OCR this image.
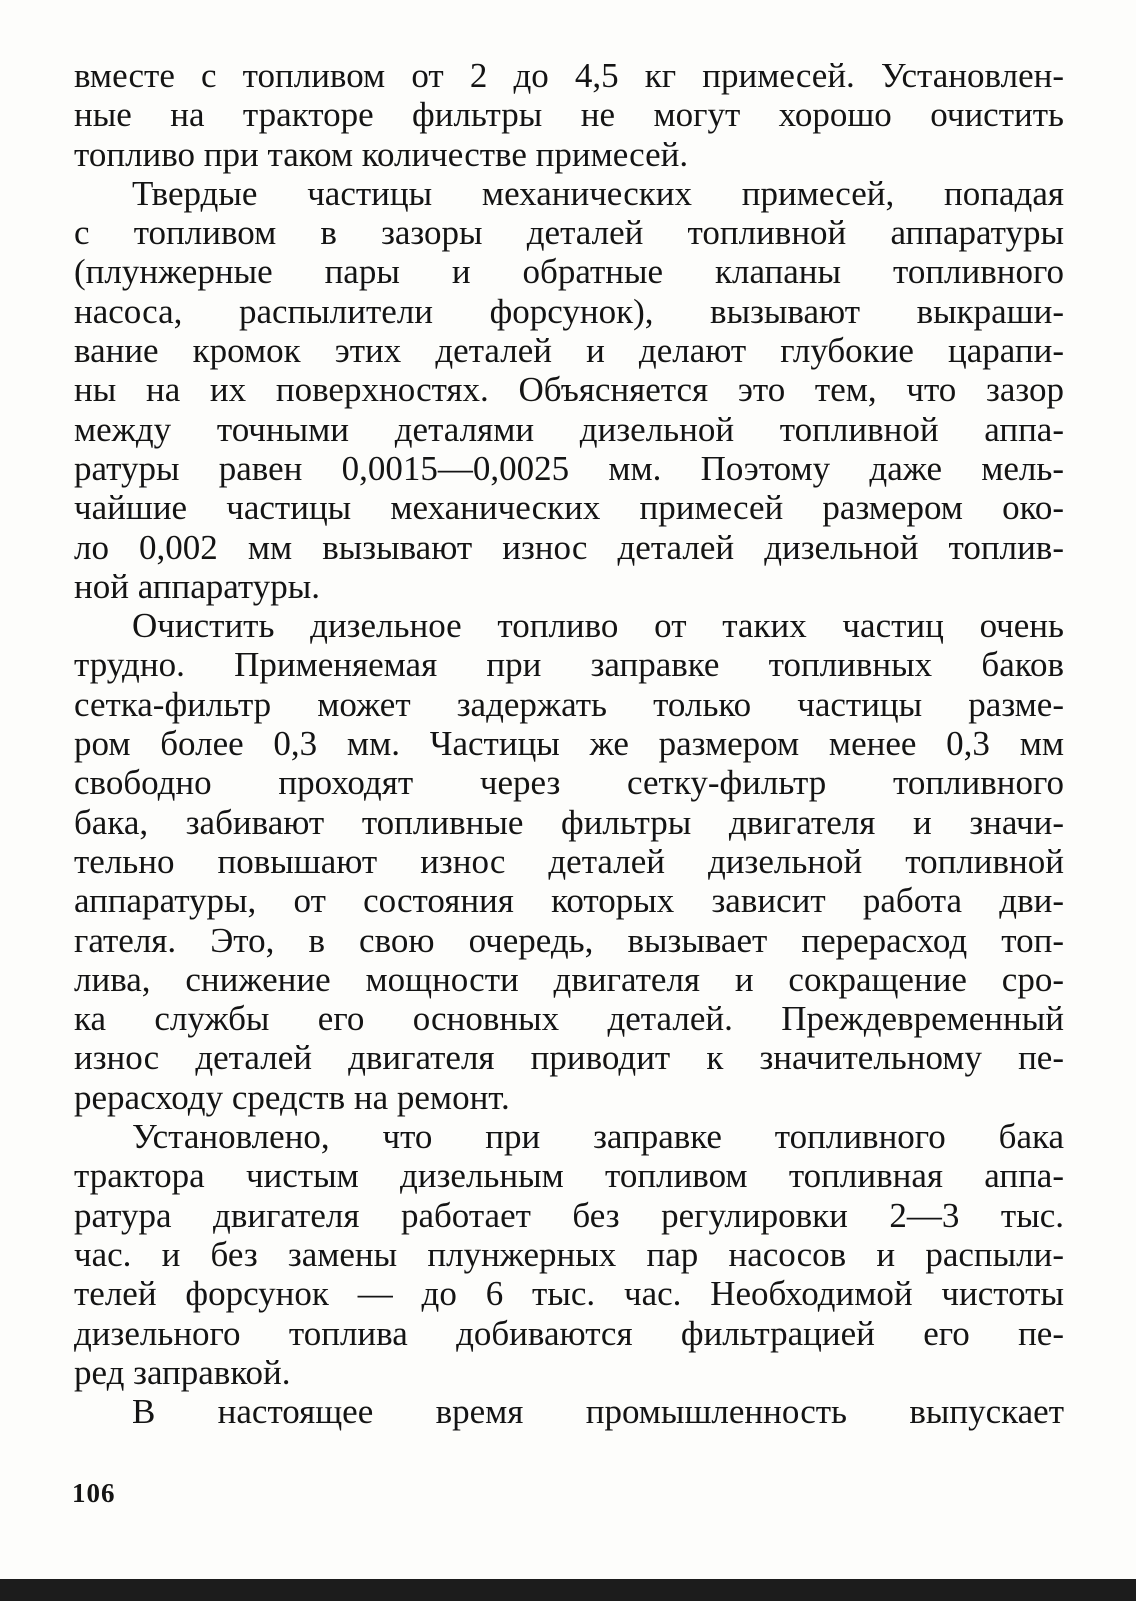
вместе с топливом от 2 до 4,5 кг примесей. Установлен-
ные на тракторе фильтры не могут хорошо очистить
топливо при таком количестве примесей.
Твердые частицы механических примесей, попадая
с топливом в зазоры деталей топливной аппаратуры
(плунжерные пары и обратные клапаны топливного
насоса, распылители форсунок), вызывают выкраши-
вание кромок этих деталей и делают глубокие царапи-
ны на их поверхностях. Объясняется это тем, что зазор
между точными деталями дизельной топливной аппа-
ратуры равен 0,0015—0,0025 мм. Поэтому даже мель-
чайшие частицы механических примесей размером око-
ло 0,002 мм вызывают износ деталей дизельной топлив-
ной аппаратуры.
Очистить дизельное топливо от таких частиц очень
трудно. Применяемая при заправке топливных баков
сетка-фильтр может задержать только частицы разме-
ром более 0,3 мм. Частицы же размером менее 0,3 мм
свободно проходят через сетку-фильтр топливного
бака, забивают топливные фильтры двигателя и значи-
тельно повышают износ деталей дизельной топливной
аппаратуры, от состояния которых зависит работа дви-
гателя. Это, в свою очередь, вызывает перерасход топ-
лива, снижение мощности двигателя и сокращение сро-
ка службы его основных деталей. Преждевременный
износ деталей двигателя приводит к значительному пе-
рерасходу средств на ремонт.
Установлено, что при заправке топливного бака
трактора чистым дизельным топливом топливная аппа-
ратура двигателя работает без регулировки 2—3 тыс.
час. и без замены плунжерных пар насосов и распыли-
телей форсунок — до 6 тыс. час. Необходимой чистоты
дизельного топлива добиваются фильтрацией его пе-
ред заправкой.
В настоящее время промышленность выпускает
106
